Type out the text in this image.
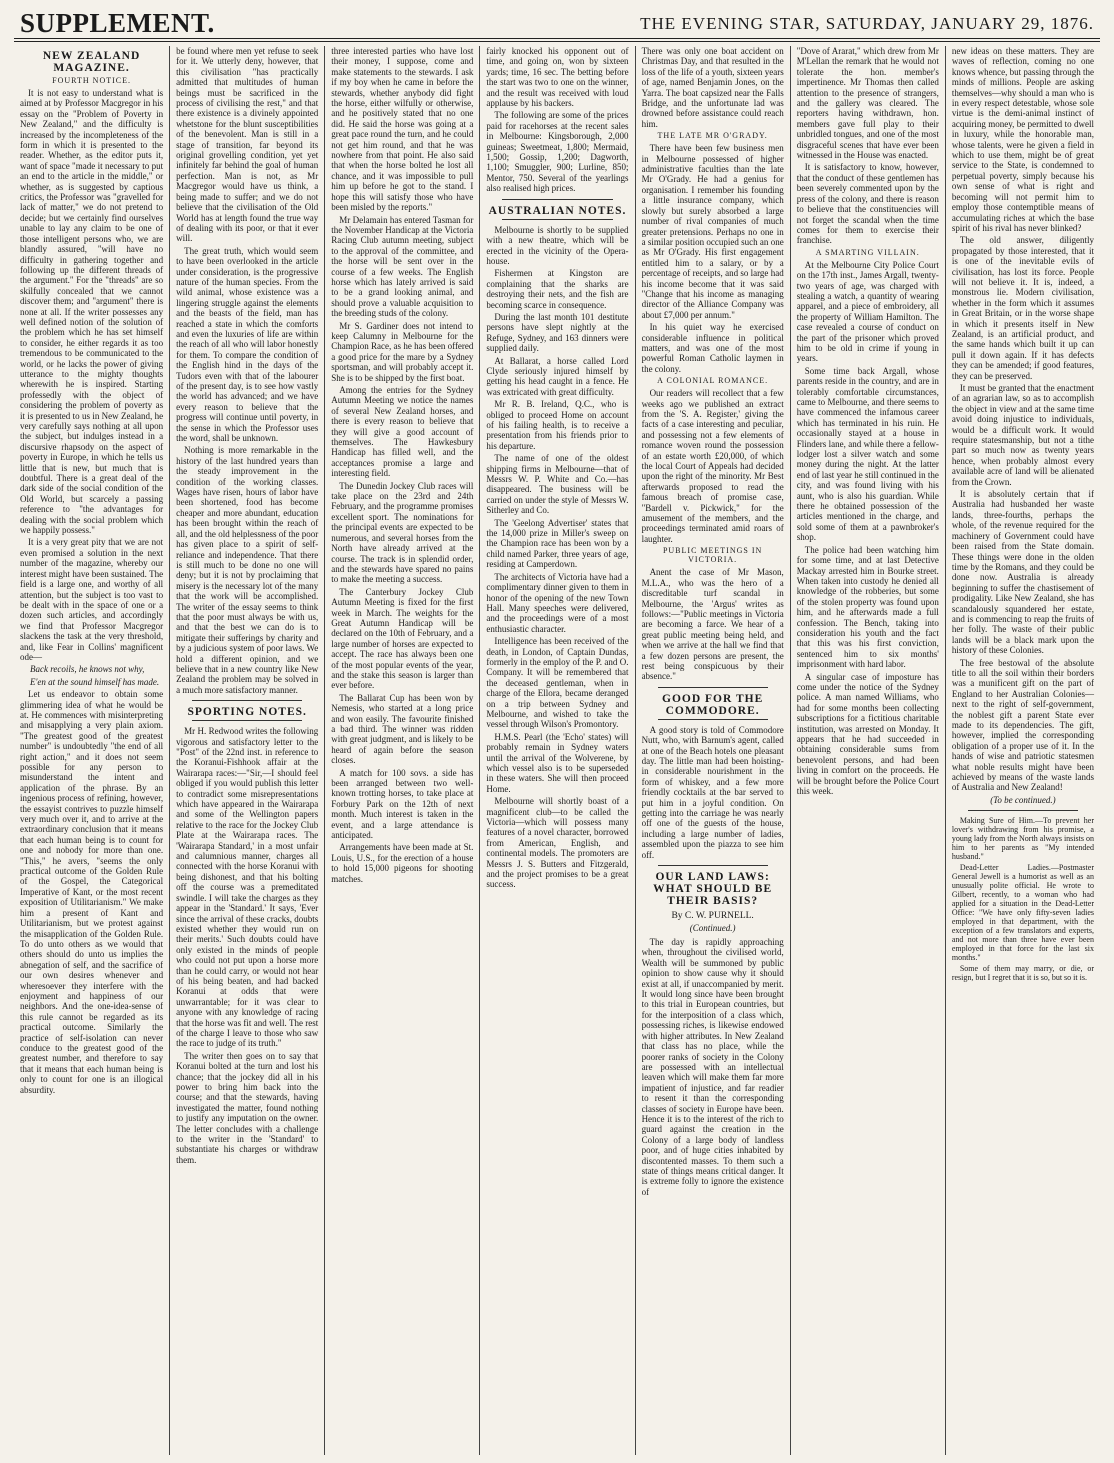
SUPPLEMENT.	THE EVENING STAR, SATURDAY, JANUARY 29, 1876.
NEW ZEALAND MAGAZINE.
FOURTH NOTICE.

It is not easy to understand what is aimed at by Professor Macgregor in his essay on the "Problem of Poverty in New Zealand," and the difficulty is increased by the incompleteness of the form in which it is presented to the reader. Whether, as the editor puts it, want of space "made it necessary to put an end to the article in the middle," or whether, as is suggested by captious critics, the Professor was "gravelled for lack of matter," we do not pretend to decide; but we certainly find ourselves unable to lay any claim to be one of those intelligent persons who, we are blandly assured, "will have no difficulty in gathering together and following up the different threads of the argument." For the "threads" are so skilfully concealed that we cannot discover them; and "argument" there is none at all. If the writer possesses any well defined notion of the solution of the problem which he has set himself to consider, he either regards it as too tremendous to be communicated to the world, or he lacks the power of giving utterance to the mighty thoughts wherewith he is inspired. Starting professedly with the object of considering the problem of poverty as it is presented to us in New Zealand, he very carefully says nothing at all upon the subject, but indulges instead in a discursive rhapsody on the aspect of poverty in Europe, in which he tells us little that is new, but much that is doubtful. There is a great deal of the dark side of the social condition of the Old World, but scarcely a passing reference to "the advantages for dealing with the social problem which we happily possess."

It is a very great pity that we are not even promised a solution in the next number of the magazine, whereby our interest might have been sustained. The field is a large one, and worthy of all attention, but the subject is too vast to be dealt with in the space of one or a dozen such articles, and accordingly we find that Professor Macgregor slackens the task at the very threshold, and, like Fear in Collins' magnificent ode—

Back recoils, he knows not why,

E'en at the sound himself has made.

Let us endeavor to obtain some glimmering idea of what he would be at. He commences with misinterpreting and misapplying a very plain axiom. "The greatest good of the greatest number" is undoubtedly "the end of all right action," and it does not seem possible for any person to misunderstand the intent and application of the phrase. By an ingenious process of refining, however, the essayist contrives to puzzle himself very much over it, and to arrive at the extraordinary conclusion that it means that each human being is to count for one and nobody for more than one. "This," he avers, "seems the only practical outcome of the Golden Rule of the Gospel, the Categorical Imperative of Kant, or the most recent exposition of Utilitarianism." We make him a present of Kant and Utilitarianism, but we protest against the misapplication of the Golden Rule. To do unto others as we would that others should do unto us implies the abnegation of self, and the sacrifice of our own desires whenever and wheresoever they interfere with the enjoyment and happiness of our neighbors. And the one-idea-sense of this rule cannot be regarded as its practical outcome. Similarly the practice of self-isolation can never conduce to the greatest good of the greatest number, and therefore to say that it means that each human being is only to count for one is an illogical absurdity.

be found where men yet refuse to seek for it. We utterly deny, however, that this civilisation "has practically admitted that multitudes of human beings must be sacrificed in the process of civilising the rest," and that there existence is a divinely appointed whetstone for the blunt susceptibilities of the benevolent. Man is still in a stage of transition, far beyond its original grovelling condition, yet yet infinitely far behind the goal of human perfection. Man is not, as Mr Macgregor would have us think, a being made to suffer; and we do not believe that the civilisation of the Old World has at length found the true way of dealing with its poor, or that it ever will.

The great truth, which would seem to have been overlooked in the article under consideration, is the progressive nature of the human species. From the wild animal, whose existence was a lingering struggle against the elements and the beasts of the field, man has reached a state in which the comforts and even the luxuries of life are within the reach of all who will labor honestly for them. To compare the condition of the English hind in the days of the Tudors even with that of the labourer of the present day, is to see how vastly the world has advanced; and we have every reason to believe that the progress will continue until poverty, in the sense in which the Professor uses the word, shall be unknown.

Nothing is more remarkable in the history of the last hundred years than the steady improvement in the condition of the working classes. Wages have risen, hours of labor have been shortened, food has become cheaper and more abundant, education has been brought within the reach of all, and the old helplessness of the poor has given place to a spirit of self-reliance and independence. That there is still much to be done no one will deny; but it is not by proclaiming that misery is the necessary lot of the many that the work will be accomplished. The writer of the essay seems to think that the poor must always be with us, and that the best we can do is to mitigate their sufferings by charity and by a judicious system of poor laws. We hold a different opinion, and we believe that in a new country like New Zealand the problem may be solved in a much more satisfactory manner.

SPORTING NOTES.

Mr H. Redwood writes the following vigorous and satisfactory letter to the "Post" of the 22nd inst. in reference to the Koranui-Fishhook affair at the Wairarapa races:—"Sir,—I should feel obliged if you would publish this letter to contradict some misrepresentations which have appeared in the Wairarapa and some of the Wellington papers relative to the race for the Jockey Club Plate at the Wairarapa races. The 'Wairarapa Standard,' in a most unfair and calumnious manner, charges all connected with the horse Koranui with being dishonest, and that his bolting off the course was a premeditated swindle. I will take the charges as they appear in the 'Standard.' It says, 'Ever since the arrival of these cracks, doubts existed whether they would run on their merits.' Such doubts could have only existed in the minds of people who could not put upon a horse more than he could carry, or would not hear of his being beaten, and had backed Koranui at odds that were unwarrantable; for it was clear to anyone with any knowledge of racing that the horse was fit and well. The rest of the charge I leave to those who saw the race to judge of its truth."

The writer then goes on to say that Koranui bolted at the turn and lost his chance; that the jockey did all in his power to bring him back into the course; and that the stewards, having investigated the matter, found nothing to justify any imputation on the owner. The letter concludes with a challenge to the writer in the 'Standard' to substantiate his charges or withdraw them.

three interested parties who have lost their money, I suppose, come and make statements to the stewards. I ask if my boy when he came in before the stewards, whether anybody did fight the horse, either wilfully or otherwise, and he positively stated that no one did. He said the horse was going at a great pace round the turn, and he could not get him round, and that he was nowhere from that point. He also said that when the horse bolted he lost all chance, and it was impossible to pull him up before he got to the stand. I hope this will satisfy those who have been misled by the reports."

Mr Delamain has entered Tasman for the November Handicap at the Victoria Racing Club autumn meeting, subject to the approval of the committee, and the horse will be sent over in the course of a few weeks. The English horse which has lately arrived is said to be a grand looking animal, and should prove a valuable acquisition to the breeding studs of the colony.

Mr S. Gardiner does not intend to keep Calumny in Melbourne for the Champion Race, as he has been offered a good price for the mare by a Sydney sportsman, and will probably accept it. She is to be shipped by the first boat.

Among the entries for the Sydney Autumn Meeting we notice the names of several New Zealand horses, and there is every reason to believe that they will give a good account of themselves. The Hawkesbury Handicap has filled well, and the acceptances promise a large and interesting field.

The Dunedin Jockey Club races will take place on the 23rd and 24th February, and the programme promises excellent sport. The nominations for the principal events are expected to be numerous, and several horses from the North have already arrived at the course. The track is in splendid order, and the stewards have spared no pains to make the meeting a success.

The Canterbury Jockey Club Autumn Meeting is fixed for the first week in March. The weights for the Great Autumn Handicap will be declared on the 10th of February, and a large number of horses are expected to accept. The race has always been one of the most popular events of the year, and the stake this season is larger than ever before.

The Ballarat Cup has been won by Nemesis, who started at a long price and won easily. The favourite finished a bad third. The winner was ridden with great judgment, and is likely to be heard of again before the season closes.

A match for 100 sovs. a side has been arranged between two well-known trotting horses, to take place at Forbury Park on the 12th of next month. Much interest is taken in the event, and a large attendance is anticipated.

Arrangements have been made at St. Louis, U.S., for the erection of a house to hold 15,000 pigeons for shooting matches.

fairly knocked his opponent out of time, and going on, won by sixteen yards; time, 16 sec. The betting before the start was two to one on the winner, and the result was received with loud applause by his backers.

The following are some of the prices paid for racehorses at the recent sales in Melbourne: Kingsborough, 2,000 guineas; Sweetmeat, 1,800; Mermaid, 1,500; Gossip, 1,200; Dagworth, 1,100; Smuggler, 900; Lurline, 850; Mentor, 750. Several of the yearlings also realised high prices.

AUSTRALIAN NOTES.

Melbourne is shortly to be supplied with a new theatre, which will be erected in the vicinity of the Opera-house.

Fishermen at Kingston are complaining that the sharks are destroying their nets, and the fish are becoming scarce in consequence.

During the last month 101 destitute persons have slept nightly at the Refuge, Sydney, and 163 dinners were supplied daily.

At Ballarat, a horse called Lord Clyde seriously injured himself by getting his head caught in a fence. He was extricated with great difficulty.

Mr R. B. Ireland, Q.C., who is obliged to proceed Home on account of his failing health, is to receive a presentation from his friends prior to his departure.

The name of one of the oldest shipping firms in Melbourne—that of Messrs W. P. White and Co.—has disappeared. The business will be carried on under the style of Messrs W. Sitherley and Co.

The 'Geelong Advertiser' states that the 14,000 prize in Miller's sweep on the Champion race has been won by a child named Parker, three years of age, residing at Camperdown.

The architects of Victoria have had a complimentary dinner given to them in honor of the opening of the new Town Hall. Many speeches were delivered, and the proceedings were of a most enthusiastic character.

Intelligence has been received of the death, in London, of Captain Dundas, formerly in the employ of the P. and O. Company. It will be remembered that the deceased gentleman, when in charge of the Ellora, became deranged on a trip between Sydney and Melbourne, and wished to take the vessel through Wilson's Promontory.

H.M.S. Pearl (the 'Echo' states) will probably remain in Sydney waters until the arrival of the Wolverene, by which vessel also is to be superseded in these waters. She will then proceed Home.

Melbourne will shortly boast of a magnificent club—to be called the Victoria—which will possess many features of a novel character, borrowed from American, English, and continental models. The promoters are Messrs J. S. Butters and Fitzgerald, and the project promises to be a great success.

There was only one boat accident on Christmas Day, and that resulted in the loss of the life of a youth, sixteen years of age, named Benjamin Jones, on the Yarra. The boat capsized near the Falls Bridge, and the unfortunate lad was drowned before assistance could reach him.

THE LATE MR O'GRADY.

There have been few business men in Melbourne possessed of higher administrative faculties than the late Mr O'Grady. He had a genius for organisation. I remember his founding a little insurance company, which slowly but surely absorbed a large number of rival companies of much greater pretensions. Perhaps no one in a similar position occupied such an one as Mr O'Grady. His first engagement entitled him to a salary, or by a percentage of receipts, and so large had his income become that it was said "Change that his income as managing director of the Alliance Company was about £7,000 per annum."

In his quiet way he exercised considerable influence in political matters, and was one of the most powerful Roman Catholic laymen in the colony.

A COLONIAL ROMANCE.

Our readers will recollect that a few weeks ago we published an extract from the 'S. A. Register,' giving the facts of a case interesting and peculiar, and possessing not a few elements of romance woven round the possession of an estate worth £20,000, of which the local Court of Appeals had decided upon the right of the minority. Mr Best afterwards proposed to read the famous breach of promise case, "Bardell v. Pickwick," for the amusement of the members, and the proceedings terminated amid roars of laughter.

PUBLIC MEETINGS IN VICTORIA.

Anent the case of Mr Mason, M.L.A., who was the hero of a discreditable turf scandal in Melbourne, the 'Argus' writes as follows:—"Public meetings in Victoria are becoming a farce. We hear of a great public meeting being held, and when we arrive at the hall we find that a few dozen persons are present, the rest being conspicuous by their absence."

GOOD FOR THE COMMODORE.

A good story is told of Commodore Nutt, who, with Barnum's agent, called at one of the Beach hotels one pleasant day. The little man had been hoisting-in considerable nourishment in the form of whiskey, and a few more friendly cocktails at the bar served to put him in a joyful condition. On getting into the carriage he was nearly off one of the guests of the house, including a large number of ladies, assembled upon the piazza to see him off.

OUR LAND LAWS: WHAT SHOULD BE THEIR BASIS?
By C. W. PURNELL.
(Continued.)

The day is rapidly approaching when, throughout the civilised world, Wealth will be summoned by public opinion to show cause why it should exist at all, if unaccompanied by merit. It would long since have been brought to this trial in European countries, but for the interposition of a class which, possessing riches, is likewise endowed with higher attributes. In New Zealand that class has no place, while the poorer ranks of society in the Colony are possessed with an intellectual leaven which will make them far more impatient of injustice, and far readier to resent it than the corresponding classes of society in Europe have been. Hence it is to the interest of the rich to guard against the creation in the Colony of a large body of landless poor, and of huge cities inhabited by discontented masses. To them such a state of things means critical danger. It is extreme folly to ignore the existence of

"Dove of Ararat," which drew from Mr M'Lellan the remark that he would not tolerate the hon. member's impertinence. Mr Thomas then called attention to the presence of strangers, and the gallery was cleared. The reporters having withdrawn, hon. members gave full play to their unbridled tongues, and one of the most disgraceful scenes that have ever been witnessed in the House was enacted.

It is satisfactory to know, however, that the conduct of these gentlemen has been severely commented upon by the press of the colony, and there is reason to believe that the constituencies will not forget the scandal when the time comes for them to exercise their franchise.

A SMARTING VILLAIN.

At the Melbourne City Police Court on the 17th inst., James Argall, twenty-two years of age, was charged with stealing a watch, a quantity of wearing apparel, and a piece of embroidery, all the property of William Hamilton. The case revealed a course of conduct on the part of the prisoner which proved him to be old in crime if young in years.

Some time back Argall, whose parents reside in the country, and are in tolerably comfortable circumstances, came to Melbourne, and there seems to have commenced the infamous career which has terminated in his ruin. He occasionally stayed at a house in Flinders lane, and while there a fellow-lodger lost a silver watch and some money during the night. At the latter end of last year he still continued in the city, and was found living with his aunt, who is also his guardian. While there he obtained possession of the articles mentioned in the charge, and sold some of them at a pawnbroker's shop.

The police had been watching him for some time, and at last Detective Mackay arrested him in Bourke street. When taken into custody he denied all knowledge of the robberies, but some of the stolen property was found upon him, and he afterwards made a full confession. The Bench, taking into consideration his youth and the fact that this was his first conviction, sentenced him to six months' imprisonment with hard labor.

A singular case of imposture has come under the notice of the Sydney police. A man named Williams, who had for some months been collecting subscriptions for a fictitious charitable institution, was arrested on Monday. It appears that he had succeeded in obtaining considerable sums from benevolent persons, and had been living in comfort on the proceeds. He will be brought before the Police Court this week.

new ideas on these matters. They are waves of reflection, coming no one knows whence, but passing through the minds of millions. People are asking themselves—why should a man who is in every respect detestable, whose sole virtue is the demi-animal instinct of acquiring money, be permitted to dwell in luxury, while the honorable man, whose talents, were he given a field in which to use them, might be of great service to the State, is condemned to perpetual poverty, simply because his own sense of what is right and becoming will not permit him to employ those contemptible means of accumulating riches at which the base spirit of his rival has never blinked?

The old answer, diligently propagated by those interested, that it is one of the inevitable evils of civilisation, has lost its force. People will not believe it. It is, indeed, a monstrous lie. Modern civilisation, whether in the form which it assumes in Great Britain, or in the worse shape in which it presents itself in New Zealand, is an artificial product, and the same hands which built it up can pull it down again. If it has defects they can be amended; if good features, they can be preserved.

It must be granted that the enactment of an agrarian law, so as to accomplish the object in view and at the same time avoid doing injustice to individuals, would be a difficult work. It would require statesmanship, but not a tithe part so much now as twenty years hence, when probably almost every available acre of land will be alienated from the Crown.

It is absolutely certain that if Australia had husbanded her waste lands, three-fourths, perhaps the whole, of the revenue required for the machinery of Government could have been raised from the State domain. These things were done in the olden time by the Romans, and they could be done now. Australia is already beginning to suffer the chastisement of prodigality. Like New Zealand, she has scandalously squandered her estate, and is commencing to reap the fruits of her folly. The waste of their public lands will be a black mark upon the history of these Colonies.

The free bestowal of the absolute title to all the soil within their borders was a munificent gift on the part of England to her Australian Colonies—next to the right of self-government, the noblest gift a parent State ever made to its dependencies. The gift, however, implied the corresponding obligation of a proper use of it. In the hands of wise and patriotic statesmen what noble results might have been achieved by means of the waste lands of Australia and New Zealand!

(To be continued.)

Making Sure of Him.—To prevent her lover's withdrawing from his promise, a young lady from the North always insists on him to her parents as "My intended husband."

Dead-Letter Ladies.—Postmaster General Jewell is a humorist as well as an unusually polite official. He wrote to Gilbert, recently, to a woman who had applied for a situation in the Dead-Letter Office: "We have only fifty-seven ladies employed in that department, with the exception of a few translators and experts, and not more than three have ever been employed in that force for the last six months."

Some of them may marry, or die, or resign, but I regret that it is so, but so it is.
